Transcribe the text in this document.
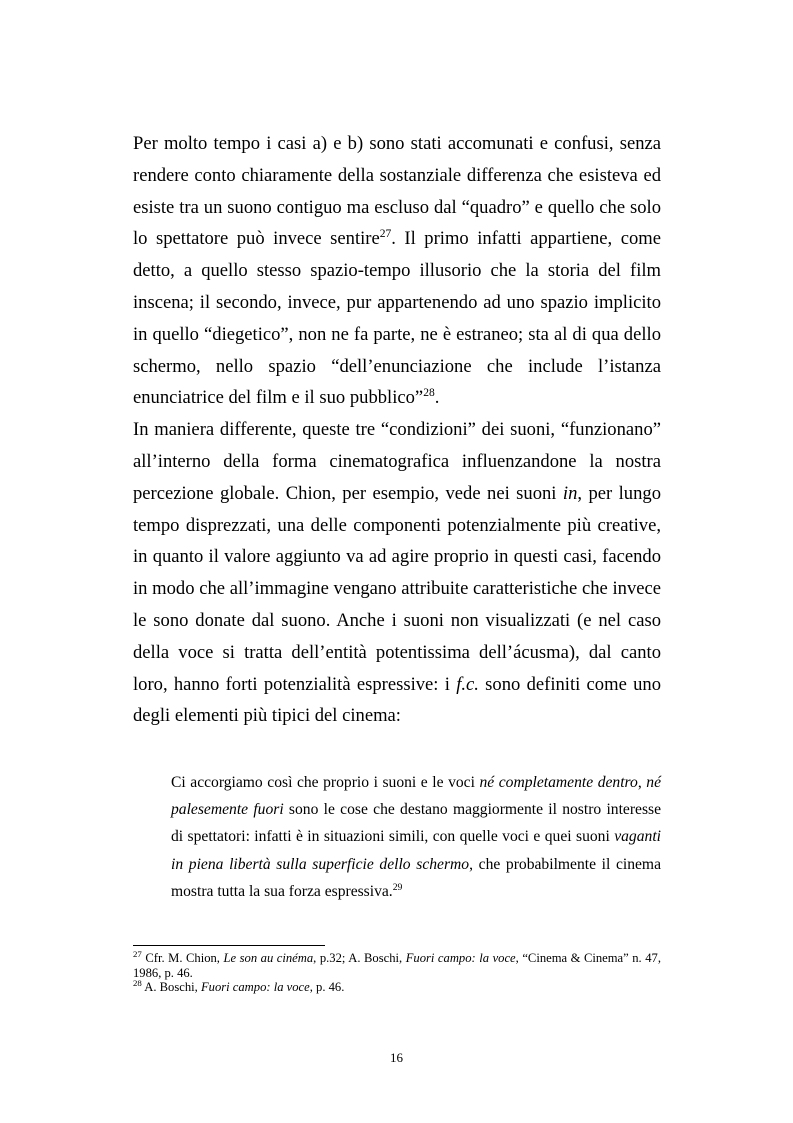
Per molto tempo i casi a) e b) sono stati accomunati e confusi, senza rendere conto chiaramente della sostanziale differenza che esisteva ed esiste tra un suono contiguo ma escluso dal “quadro” e quello che solo lo spettatore può invece sentire$^{27}$. Il primo infatti appartiene, come detto, a quello stesso spazio-tempo illusorio che la storia del film inscena; il secondo, invece, pur appartenendo ad uno spazio implicito in quello “diegetico”, non ne fa parte, ne è estraneo; sta al di qua dello schermo, nello spazio “dell’enunciazione che include l’istanza enunciatrice del film e il suo pubblico”$^{28}$.

In maniera differente, queste tre “condizioni” dei suoni, “funzionano” all’interno della forma cinematografica influenzandone la nostra percezione globale. Chion, per esempio, vede nei suoni in, per lungo tempo disprezzati, una delle componenti potenzialmente più creative, in quanto il valore aggiunto va ad agire proprio in questi casi, facendo in modo che all’immagine vengano attribuite caratteristiche che invece le sono donate dal suono. Anche i suoni non visualizzati (e nel caso della voce si tratta dell’entità potentissima dell’ácusma), dal canto loro, hanno forti potenzialità espressive: i f.c. sono definiti come uno degli elementi più tipici del cinema:

Ci accorgiamo così che proprio i suoni e le voci né completamente dentro, né palesemente fuori sono le cose che destano maggiormente il nostro interesse di spettatori: infatti è in situazioni simili, con quelle voci e quei suoni vaganti in piena libertà sulla superficie dello schermo, che probabilmente il cinema mostra tutta la sua forza espressiva.$^{29}$

$^{27}$ Cfr. M. Chion, Le son au cinéma, p.32; A. Boschi, Fuori campo: la voce, “Cinema & Cinema” n. 47, 1986, p. 46.

$^{28}$ A. Boschi, Fuori campo: la voce, p. 46.

16
